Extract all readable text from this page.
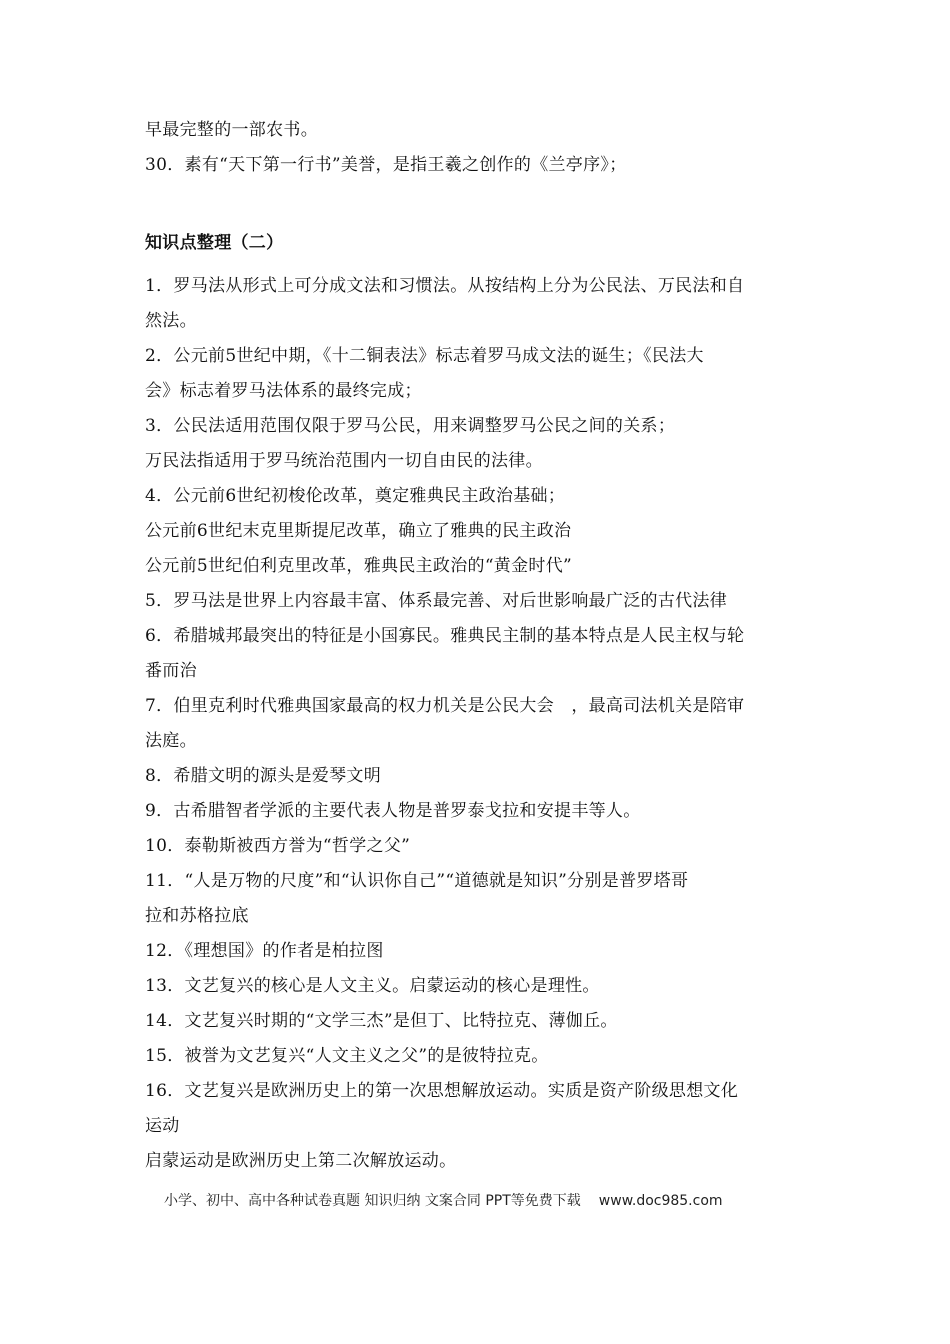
早最完整的一部农书。
30．素有“天下第一行书”美誉，是指王羲之创作的《兰亭序》；
知识点整理（二）
1．罗马法从形式上可分成文法和习惯法。从按结构上分为公民法、万民法和自
然法。
2．公元前5世纪中期，《十二铜表法》标志着罗马成文法的诞生；《民法大
会》标志着罗马法体系的最终完成；
3．公民法适用范围仅限于罗马公民，用来调整罗马公民之间的关系；
万民法指适用于罗马统治范围内一切自由民的法律。
4．公元前6世纪初梭伦改革，奠定雅典民主政治基础；
公元前6世纪末克里斯提尼改革，确立了雅典的民主政治
公元前5世纪伯利克里改革，雅典民主政治的“黄金时代”
5．罗马法是世界上内容最丰富、体系最完善、对后世影响最广泛的古代法律
6．希腊城邦最突出的特征是小国寡民。雅典民主制的基本特点是人民主权与轮
番而治
7．伯里克利时代雅典国家最高的权力机关是公民大会　，最高司法机关是陪审
法庭。
8．希腊文明的源头是爱琴文明
9．古希腊智者学派的主要代表人物是普罗泰戈拉和安提丰等人。
10．泰勒斯被西方誉为“哲学之父”
11．“人是万物的尺度”和“认识你自己”“道德就是知识”分别是普罗塔哥
拉和苏格拉底
12．《理想国》的作者是柏拉图
13．文艺复兴的核心是人文主义。启蒙运动的核心是理性。
14．文艺复兴时期的“文学三杰”是但丁、比特拉克、薄伽丘。
15．被誉为文艺复兴“人文主义之父”的是彼特拉克。
16．文艺复兴是欧洲历史上的第一次思想解放运动。实质是资产阶级思想文化
运动
启蒙运动是欧洲历史上第二次解放运动。
小学、初中、高中各种试卷真题 知识归纳 文案合同 PPT等免费下载 www.doc985.com
